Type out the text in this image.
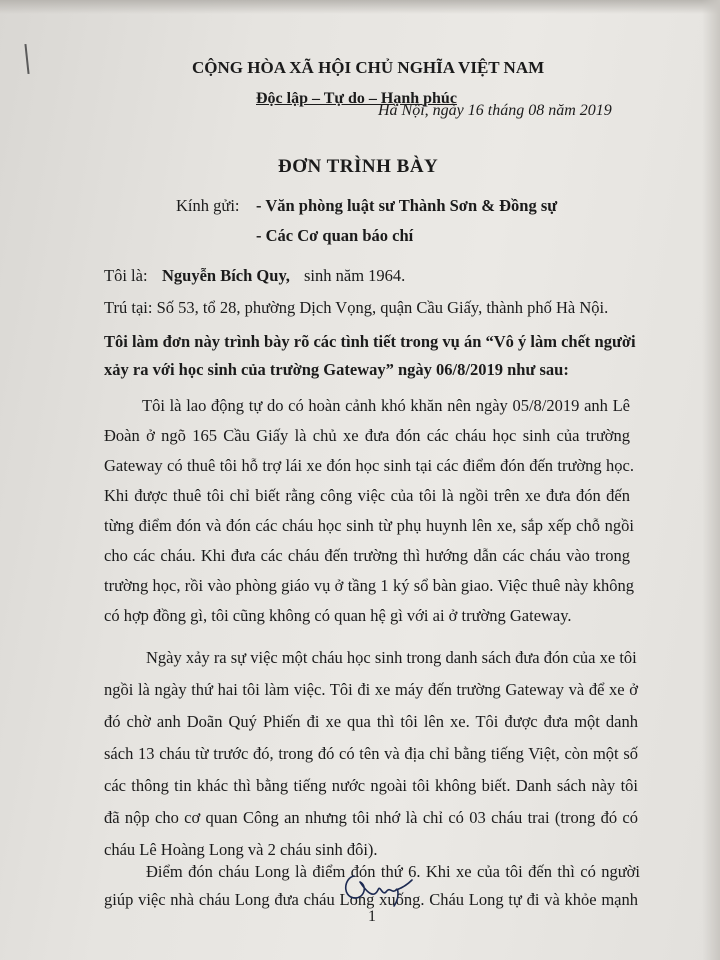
CỘNG HÒA XÃ HỘI CHỦ NGHĨA VIỆT NAM
Độc lập – Tự do – Hạnh phúc
Hà Nội, ngày 16 tháng 08 năm 2019
ĐƠN TRÌNH BÀY
Kính gửi: - Văn phòng luật sư Thành Sơn & Đồng sự
- Các Cơ quan báo chí
Tôi là: Nguyễn Bích Quy, sinh năm 1964.
Trú tại: Số 53, tổ 28, phường Dịch Vọng, quận Cầu Giấy, thành phố Hà Nội.
Tôi làm đơn này trình bày rõ các tình tiết trong vụ án “Vô ý làm chết người
xảy ra với học sinh của trường Gateway” ngày 06/8/2019 như sau:
Tôi là lao động tự do có hoàn cảnh khó khăn nên ngày 05/8/2019 anh Lê
Đoàn ở ngõ 165 Cầu Giấy là chủ xe đưa đón các cháu học sinh của trường
Gateway có thuê tôi hỗ trợ lái xe đón học sinh tại các điểm đón đến trường học.
Khi được thuê tôi chỉ biết rằng công việc của tôi là ngồi trên xe đưa đón đến
từng điểm đón và đón các cháu học sinh từ phụ huynh lên xe, sắp xếp chỗ ngồi
cho các cháu. Khi đưa các cháu đến trường thì hướng dẫn các cháu vào trong
trường học, rồi vào phòng giáo vụ ở tầng 1 ký sổ bàn giao. Việc thuê này không
có hợp đồng gì, tôi cũng không có quan hệ gì với ai ở trường Gateway.
Ngày xảy ra sự việc một cháu học sinh trong danh sách đưa đón của xe tôi
ngồi là ngày thứ hai tôi làm việc. Tôi đi xe máy đến trường Gateway và để xe ở
đó chờ anh Doãn Quý Phiến đi xe qua thì tôi lên xe. Tôi được đưa một danh
sách 13 cháu từ trước đó, trong đó có tên và địa chỉ bằng tiếng Việt, còn một số
các thông tin khác thì bằng tiếng nước ngoài tôi không biết. Danh sách này tôi
đã nộp cho cơ quan Công an nhưng tôi nhớ là chỉ có 03 cháu trai (trong đó có
cháu Lê Hoàng Long và 2 cháu sinh đôi).
Điểm đón cháu Long là điểm đón thứ 6. Khi xe của tôi đến thì có người
giúp việc nhà cháu Long đưa cháu Long xuống. Cháu Long tự đi và khỏe mạnh
1
